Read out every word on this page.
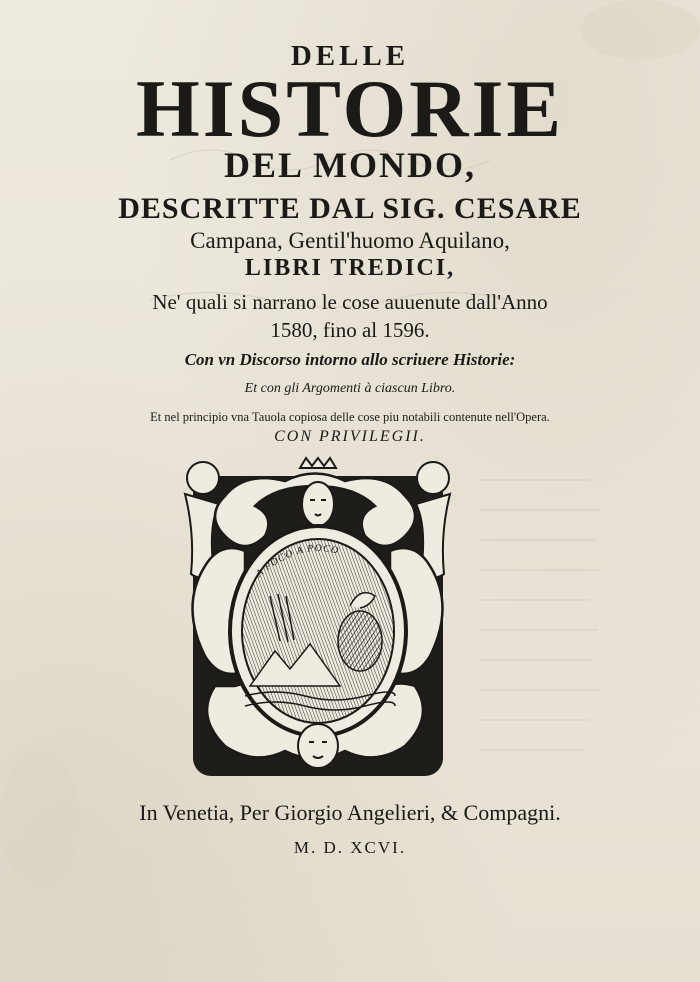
DELLE
HISTORIE
DEL MONDO,
DESCRITTE DAL SIG. CESARE
Campana, Gentil'huomo Aquilano,
LIBRI TREDICI,
Ne' quali si narrano le cose auuenute dall'Anno
1580, fino al 1596.
Con vn Discorso intorno allo scriuere Historie:
Et con gli Argomenti à ciascun Libro.
Et nel principio vna Tauola copiosa delle cose piu notabili contenute nell'Opera.
CON PRIVILEGII.
A POCO A POCO
In Venetia, Per Giorgio Angelieri, & Compagni.
M. D. XCVI.
